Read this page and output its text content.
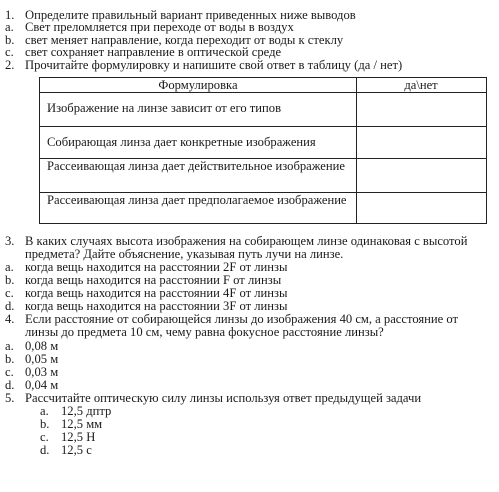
1. Определите правильный вариант приведенных ниже выводов
a. Свет преломляется при переходе от воды в воздух
b. свет меняет направление, когда переходит от воды к стеклу
c. свет сохраняет направление в оптической среде
2. Прочитайте формулировку и напишите свой ответ в таблицу (да / нет)
Формулировка	да\нет
Изображение на линзе зависит от его типов
Собирающая линза дает конкретные изображения
Рассеивающая линза дает действительное изображение
Рассеивающая линза дает предполагаемое изображение
3. В каких случаях высота изображения на собирающем линзе одинаковая с высотой
предмета? Дайте объяснение, указывая путь лучи на линзе.
a. когда вещь находится на расстоянии 2F от линзы
b. когда вещь находится на расстоянии F от линзы
c. когда вещь находится на расстоянии 4F от линзы
d. когда вещь находится на расстоянии 3F от линзы
4. Если расстояние от собирающейся линзы до изображения 40 см, а расстояние от
линзы до предмета 10 см, чему равна фокусное расстояние линзы?
a. 0,08 м
b. 0,05 м
c. 0,03 м
d. 0,04 м
5. Рассчитайте оптическую силу линзы используя ответ предыдущей задачи
a. 12,5 дптр
b. 12,5 мм
c. 12,5 Н
d. 12,5 с
